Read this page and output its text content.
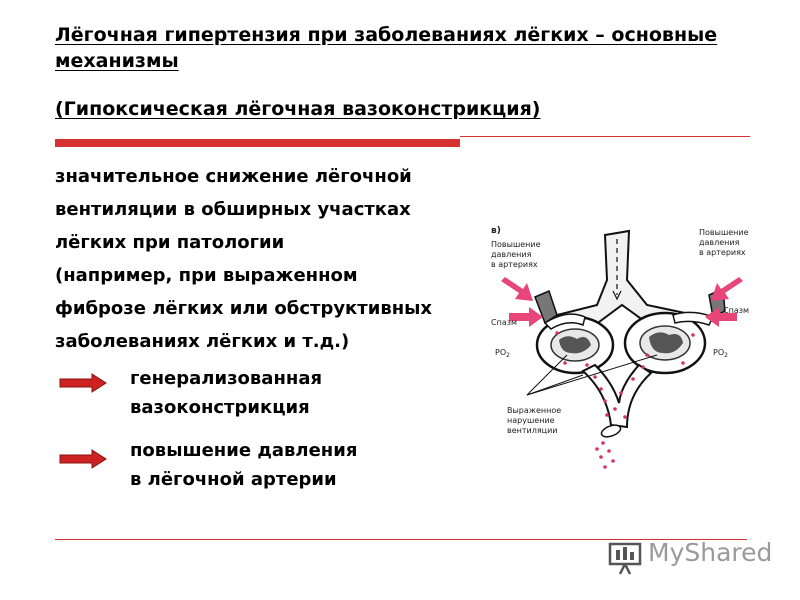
Лёгочная гипертензия при заболеваниях лёгких – основные механизмы
(Гипоксическая лёгочная вазоконстрикция)
значительное снижение лёгочной
вентиляции в обширных участках
лёгких при патологии
(например, при выраженном
фиброзе лёгких или обструктивных
заболеваниях лёгких и т.д.)
генерализованная
вазоконстрикция
повышение давления
в лёгочной артерии
в)
Повышение
давления
в артериях
Повышение
давления
в артериях
Спазм
Спазм
$PO_2$	$PO_2$
Выраженное
нарушение
вентиляции
MyShared
